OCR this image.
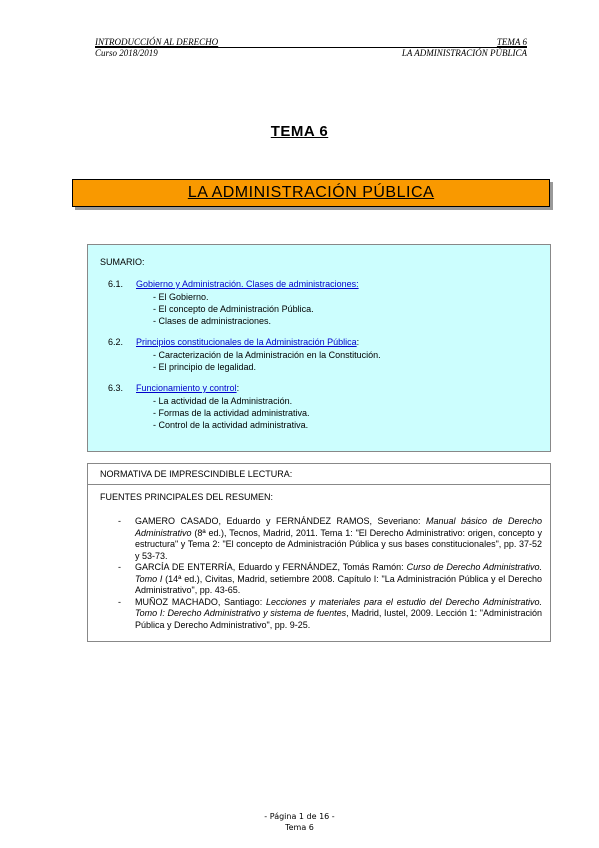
INTRODUCCIÓN AL DERECHO	TEMA 6
Curso 2018/2019	LA ADMINISTRACIÓN PÚBLICA
TEMA 6
LA ADMINISTRACIÓN PÚBLICA
SUMARIO:
6.1. Gobierno y Administración. Clases de administraciones:
- El Gobierno.
- El concepto de Administración Pública.
- Clases de administraciones.
6.2. Principios constitucionales de la Administración Pública:
- Caracterización de la Administración en la Constitución.
- El principio de legalidad.
6.3. Funcionamiento y control:
- La actividad de la Administración.
- Formas de la actividad administrativa.
- Control de la actividad administrativa.
NORMATIVA DE IMPRESCINDIBLE LECTURA:
FUENTES PRINCIPALES DEL RESUMEN:
- GAMERO CASADO, Eduardo y FERNÁNDEZ RAMOS, Severiano: Manual básico de Derecho Administrativo (8ª ed.), Tecnos, Madrid, 2011. Tema 1: "El Derecho Administrativo: origen, concepto y estructura" y Tema 2: "El concepto de Administración Pública y sus bases constitucionales", pp. 37-52 y 53-73.
- GARCÍA DE ENTERRÍA, Eduardo y FERNÁNDEZ, Tomás Ramón: Curso de Derecho Administrativo. Tomo I (14ª ed.), Civitas, Madrid, setiembre 2008. Capítulo I: "La Administración Pública y el Derecho Administrativo", pp. 43-65.
- MUÑOZ MACHADO, Santiago: Lecciones y materiales para el estudio del Derecho Administrativo. Tomo I: Derecho Administrativo y sistema de fuentes, Madrid, Iustel, 2009. Lección 1: "Administración Pública y Derecho Administrativo", pp. 9-25.
- Página 1 de 16 -
Tema 6
